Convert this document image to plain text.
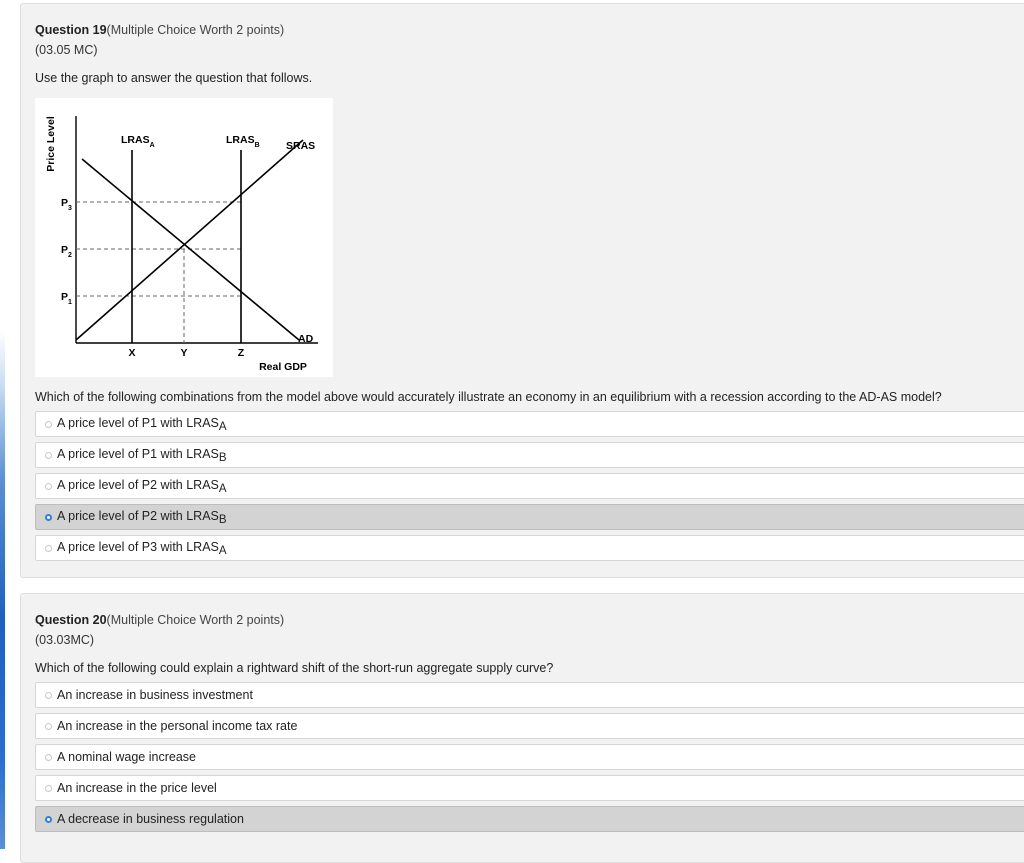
Question 19(Multiple Choice Worth 2 points)
(03.05 MC)
Use the graph to answer the question that follows.
Price Level
Real GDP
$LRAS_A$	$LRAS_B$	SRAS
AD
$P_3$
$P_2$
$P_1$
X	Y	Z
Which of the following combinations from the model above would accurately illustrate an economy in an equilibrium with a recession according to the AD-AS model?
A price level of P1 with LRASA
A price level of P1 with LRASB
A price level of P2 with LRASA
A price level of P2 with LRASB
A price level of P3 with LRASA
Question 20(Multiple Choice Worth 2 points)
(03.03MC)
Which of the following could explain a rightward shift of the short-run aggregate supply curve?
An increase in business investment
An increase in the personal income tax rate
A nominal wage increase
An increase in the price level
A decrease in business regulation
